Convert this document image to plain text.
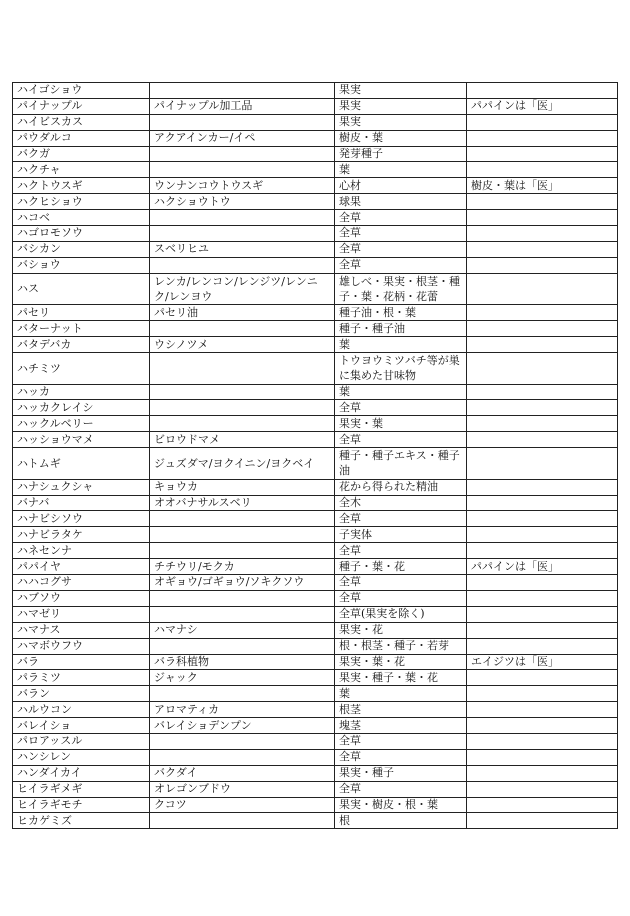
ハイゴショウ		果実	
パイナップル	パイナップル加工品	果実	パパインは「医」
ハイビスカス		果実	
パウダルコ	アクアインカー/イペ	樹皮・葉	
バクガ		発芽種子	
ハクチャ		葉	
ハクトウスギ	ウンナンコウトウスギ	心材	樹皮・葉は「医」
ハクヒショウ	ハクショウトウ	球果	
ハコベ		全草	
ハゴロモソウ		全草	
バシカン	スベリヒユ	全草	
バショウ		全草	
ハス	レンカ/レンコン/レンジツ/レンニク/レンヨウ	雄しべ・果実・根茎・種子・葉・花柄・花蕾	
パセリ	パセリ油	種子油・根・葉	
バターナット		種子・種子油	
バタデバカ	ウシノツメ	葉	
ハチミツ		トウヨウミツバチ等が巣に集めた甘味物	
ハッカ		葉	
ハッカクレイシ		全草	
ハックルベリー		果実・葉	
ハッショウマメ	ビロウドマメ	全草	
ハトムギ	ジュズダマ/ヨクイニン/ヨクベイ	種子・種子エキス・種子油	
ハナシュクシャ	キョウカ	花から得られた精油	
バナバ	オオバナサルスベリ	全木	
ハナビシソウ		全草	
ハナビラタケ		子実体	
ハネセンナ		全草	
パパイヤ	チチウリ/モクカ	種子・葉・花	パパインは「医」
ハハコグサ	オギョウ/ゴギョウ/ソキクソウ	全草	
ハブソウ		全草	
ハマゼリ		全草(果実を除く)	
ハマナス	ハマナシ	果実・花	
ハマボウフウ		根・根茎・種子・若芽	
バラ	バラ科植物	果実・葉・花	エイジツは「医」
パラミツ	ジャック	果実・種子・葉・花	
バラン		葉	
ハルウコン	アロマティカ	根茎	
バレイショ	バレイショデンプン	塊茎	
パロアッスル		全草	
ハンシレン		全草	
ハンダイカイ	バクダイ	果実・種子	
ヒイラギメギ	オレゴンブドウ	全草	
ヒイラギモチ	クコツ	果実・樹皮・根・葉	
ヒカゲミズ		根	
